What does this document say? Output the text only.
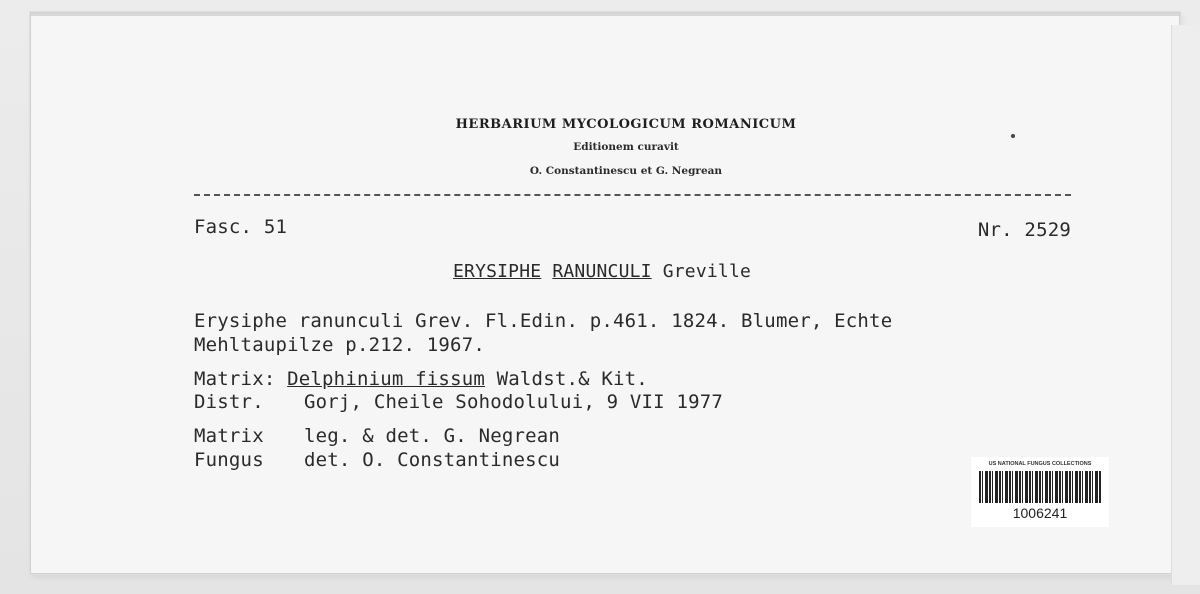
HERBARIUM MYCOLOGICUM ROMANICUM
Editionem curavit
O. Constantinescu et G. Negrean
Fasc. 51	Nr. 2529
ERYSIPHE RANUNCULI Greville
Erysiphe ranunculi Grev. Fl.Edin. p.461. 1824. Blumer, Echte
Mehltaupilze p.212. 1967.
Matrix: Delphinium fissum Waldst.& Kit.
Distr. Gorj, Cheile Sohodolului, 9 VII 1977
Matrix leg. & det. G. Negrean
Fungus det. O. Constantinescu	US NATIONAL FUNGUS COLLECTIONS
1006241
